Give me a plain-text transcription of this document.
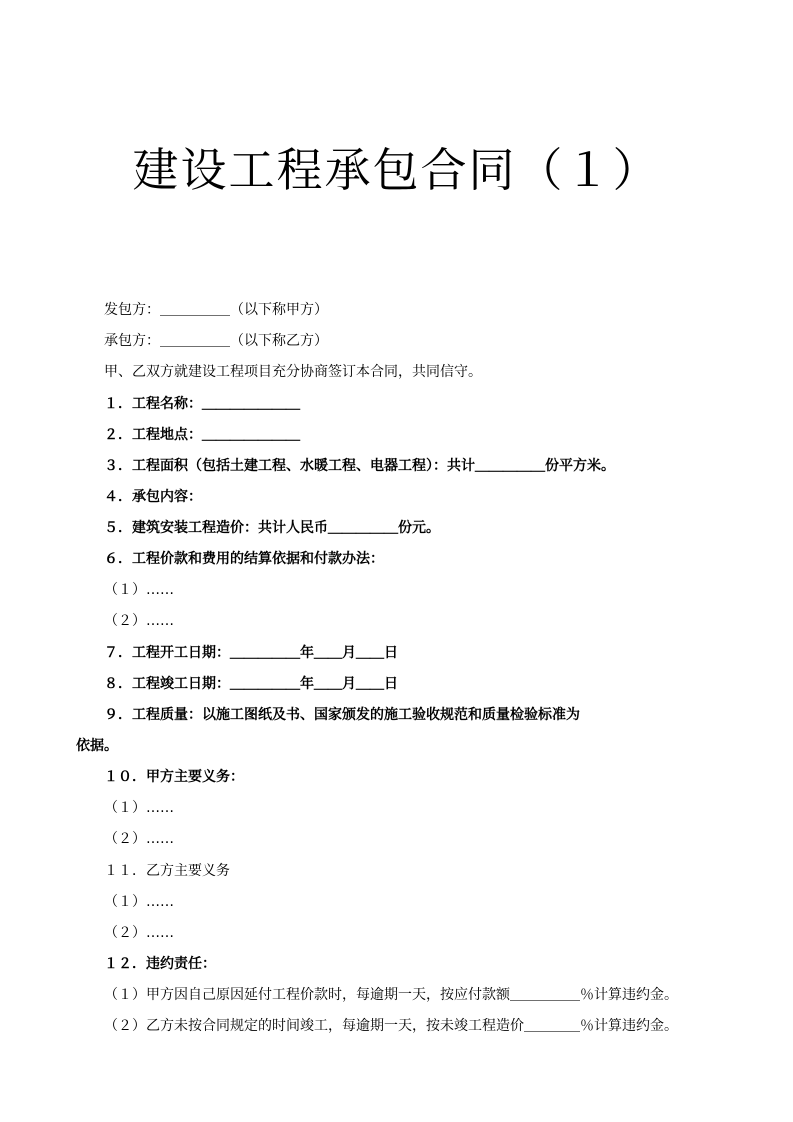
建设工程承包合同（１）
发包方：＿＿＿＿＿（以下称甲方）
承包方：＿＿＿＿＿（以下称乙方）
甲、乙双方就建设工程项目充分协商签订本合同，共同信守。
１．工程名称：＿＿＿＿＿＿＿
２．工程地点：＿＿＿＿＿＿＿
３．工程面积（包括土建工程、水暖工程、电器工程）：共计＿＿＿＿＿份平方米。
４．承包内容：
５．建筑安装工程造价：共计人民币＿＿＿＿＿份元。
６．工程价款和费用的结算依据和付款办法：
（１）……
（２）……
７．工程开工日期：＿＿＿＿＿年＿＿月＿＿日
８．工程竣工日期：＿＿＿＿＿年＿＿月＿＿日
９．工程质量：以施工图纸及书、国家颁发的施工验收规范和质量检验标准为
依据。
１０．甲方主要义务：
（１）……
（２）……
１１．乙方主要义务
（１）……
（２）……
１２．违约责任：
（１）甲方因自己原因延付工程价款时，每逾期一天，按应付款额＿＿＿＿＿％计算违约金。
（２）乙方未按合同规定的时间竣工，每逾期一天，按未竣工程造价＿＿＿＿％计算违约金。
